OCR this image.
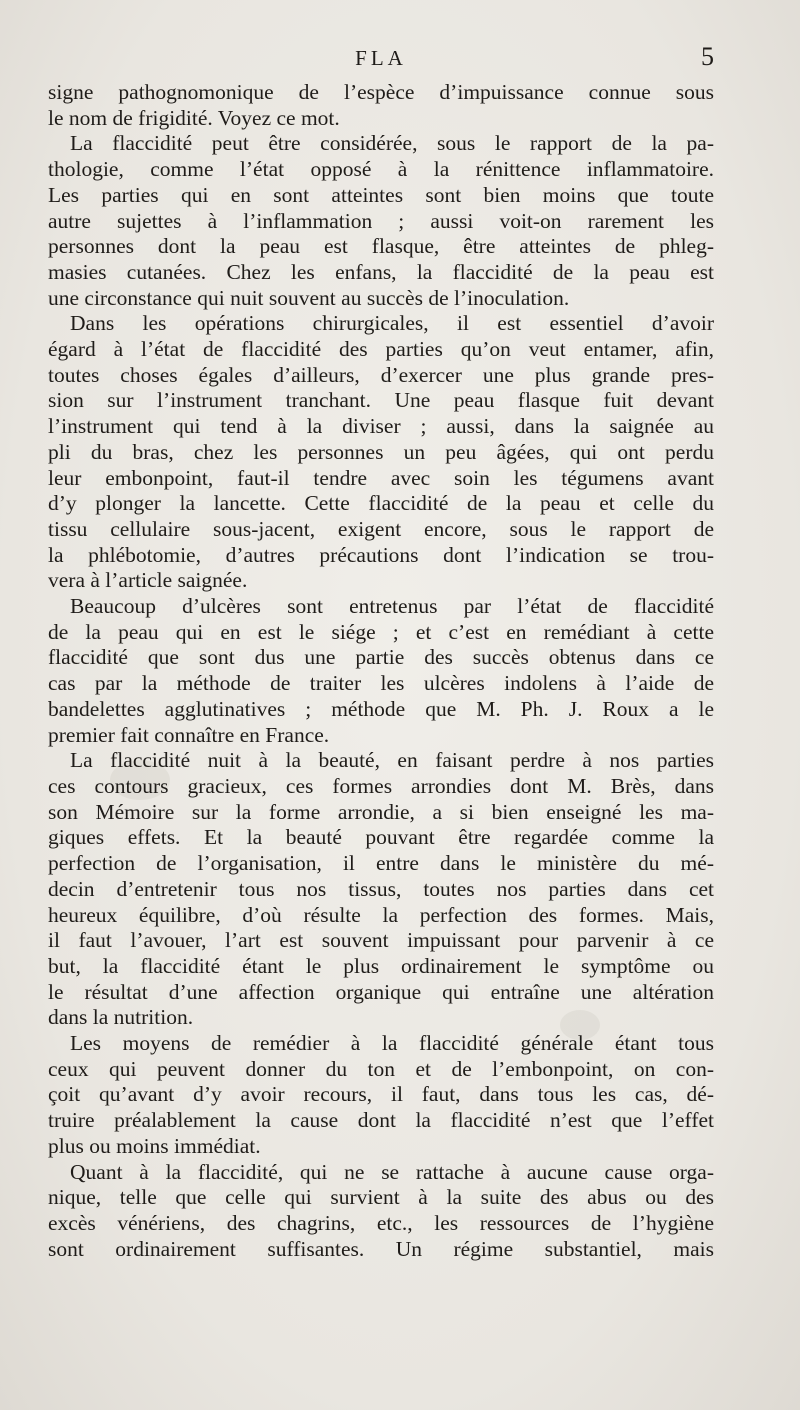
FLA	5
signe pathognomonique de l’espèce d’impuissance connue sous
le nom de frigidité. Voyez ce mot.
La flaccidité peut être considérée, sous le rapport de la pa-
thologie, comme l’état opposé à la rénittence inflammatoire.
Les parties qui en sont atteintes sont bien moins que toute
autre sujettes à l’inflammation ; aussi voit-on rarement les
personnes dont la peau est flasque, être atteintes de phleg-
masies cutanées. Chez les enfans, la flaccidité de la peau est
une circonstance qui nuit souvent au succès de l’inoculation.
Dans les opérations chirurgicales, il est essentiel d’avoir
égard à l’état de flaccidité des parties qu’on veut entamer, afin,
toutes choses égales d’ailleurs, d’exercer une plus grande pres-
sion sur l’instrument tranchant. Une peau flasque fuit devant
l’instrument qui tend à la diviser ; aussi, dans la saignée au
pli du bras, chez les personnes un peu âgées, qui ont perdu
leur embonpoint, faut-il tendre avec soin les tégumens avant
d’y plonger la lancette. Cette flaccidité de la peau et celle du
tissu cellulaire sous-jacent, exigent encore, sous le rapport de
la phlébotomie, d’autres précautions dont l’indication se trou-
vera à l’article saignée.
Beaucoup d’ulcères sont entretenus par l’état de flaccidité
de la peau qui en est le siége ; et c’est en remédiant à cette
flaccidité que sont dus une partie des succès obtenus dans ce
cas par la méthode de traiter les ulcères indolens à l’aide de
bandelettes agglutinatives ; méthode que M. Ph. J. Roux a le
premier fait connaître en France.
La flaccidité nuit à la beauté, en faisant perdre à nos parties
ces contours gracieux, ces formes arrondies dont M. Brès, dans
son Mémoire sur la forme arrondie, a si bien enseigné les ma-
giques effets. Et la beauté pouvant être regardée comme la
perfection de l’organisation, il entre dans le ministère du mé-
decin d’entretenir tous nos tissus, toutes nos parties dans cet
heureux équilibre, d’où résulte la perfection des formes. Mais,
il faut l’avouer, l’art est souvent impuissant pour parvenir à ce
but, la flaccidité étant le plus ordinairement le symptôme ou
le résultat d’une affection organique qui entraîne une altération
dans la nutrition.
Les moyens de remédier à la flaccidité générale étant tous
ceux qui peuvent donner du ton et de l’embonpoint, on con-
çoit qu’avant d’y avoir recours, il faut, dans tous les cas, dé-
truire préalablement la cause dont la flaccidité n’est que l’effet
plus ou moins immédiat.
Quant à la flaccidité, qui ne se rattache à aucune cause orga-
nique, telle que celle qui survient à la suite des abus ou des
excès vénériens, des chagrins, etc., les ressources de l’hygiène
sont ordinairement suffisantes. Un régime substantiel, mais
